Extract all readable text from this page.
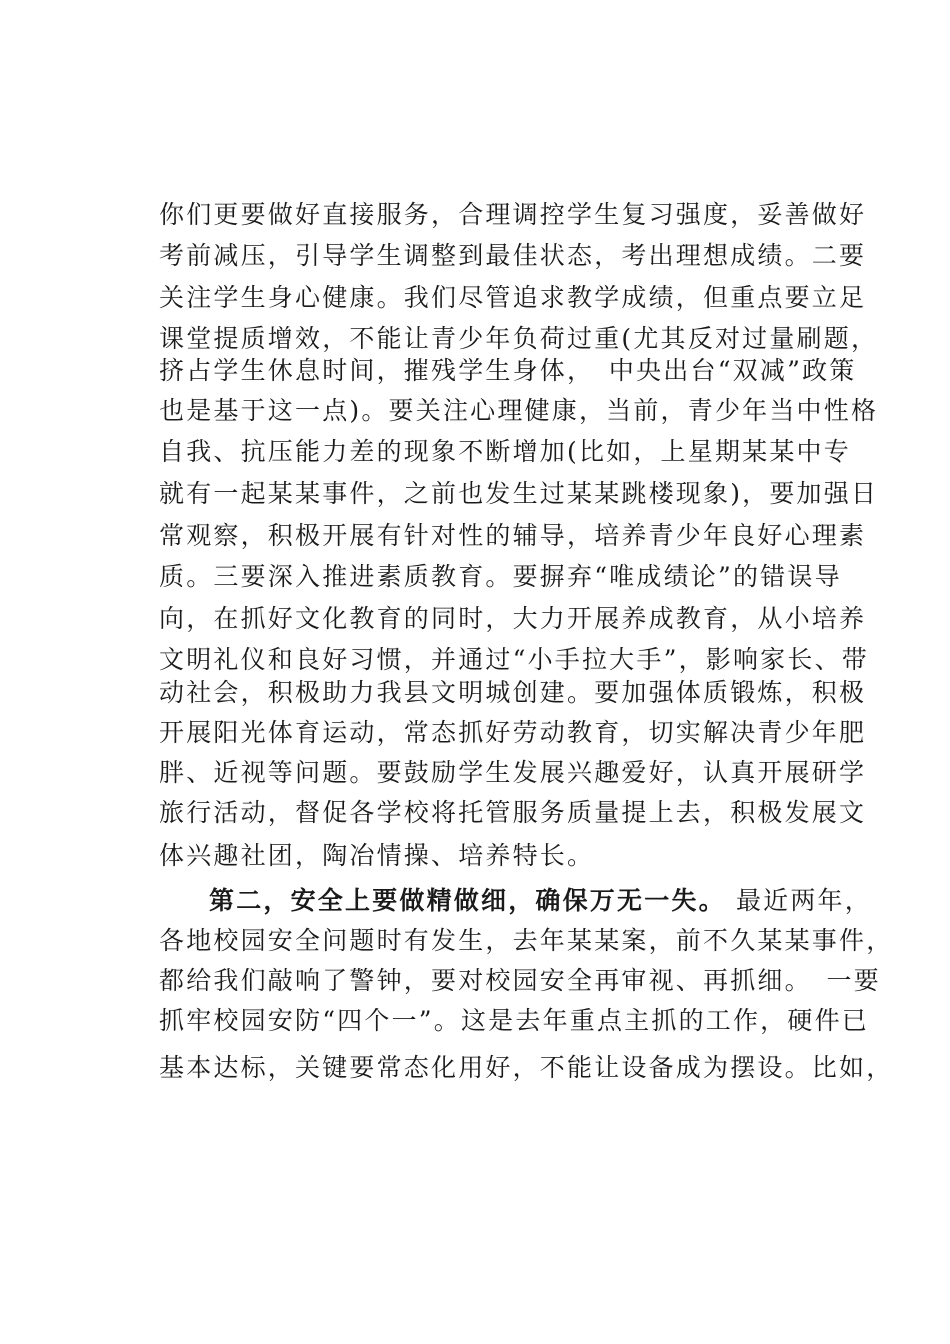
你们更要做好直接服务，合理调控学生复习强度，妥善做好
考前减压，引导学生调整到最佳状态，考出理想成绩。二要
关注学生身心健康。我们尽管追求教学成绩，但重点要立足
课堂提质增效，不能让青少年负荷过重(尤其反对过量刷题，
挤占学生休息时间，摧残学生身体，　中央出台“双减”政策
也是基于这一点)。要关注心理健康，当前，青少年当中性格
自我、抗压能力差的现象不断增加(比如，上星期某某中专
就有一起某某事件，之前也发生过某某跳楼现象)，要加强日
常观察，积极开展有针对性的辅导，培养青少年良好心理素
质。三要深入推进素质教育。要摒弃“唯成绩论”的错误导
向，在抓好文化教育的同时，大力开展养成教育，从小培养
文明礼仪和良好习惯，并通过“小手拉大手”，影响家长、带
动社会，积极助力我县文明城创建。要加强体质锻炼，积极
开展阳光体育运动，常态抓好劳动教育，切实解决青少年肥
胖、近视等问题。要鼓励学生发展兴趣爱好，认真开展研学
旅行活动，督促各学校将托管服务质量提上去，积极发展文
体兴趣社团，陶冶情操、培养特长。
第二，安全上要做精做细，确保万无一失。 最近两年，
各地校园安全问题时有发生，去年某某案，前不久某某事件，
都给我们敲响了警钟，要对校园安全再审视、再抓细。　一要
抓牢校园安防“四个一”。这是去年重点主抓的工作，硬件已
基本达标，关键要常态化用好，不能让设备成为摆设。比如，
